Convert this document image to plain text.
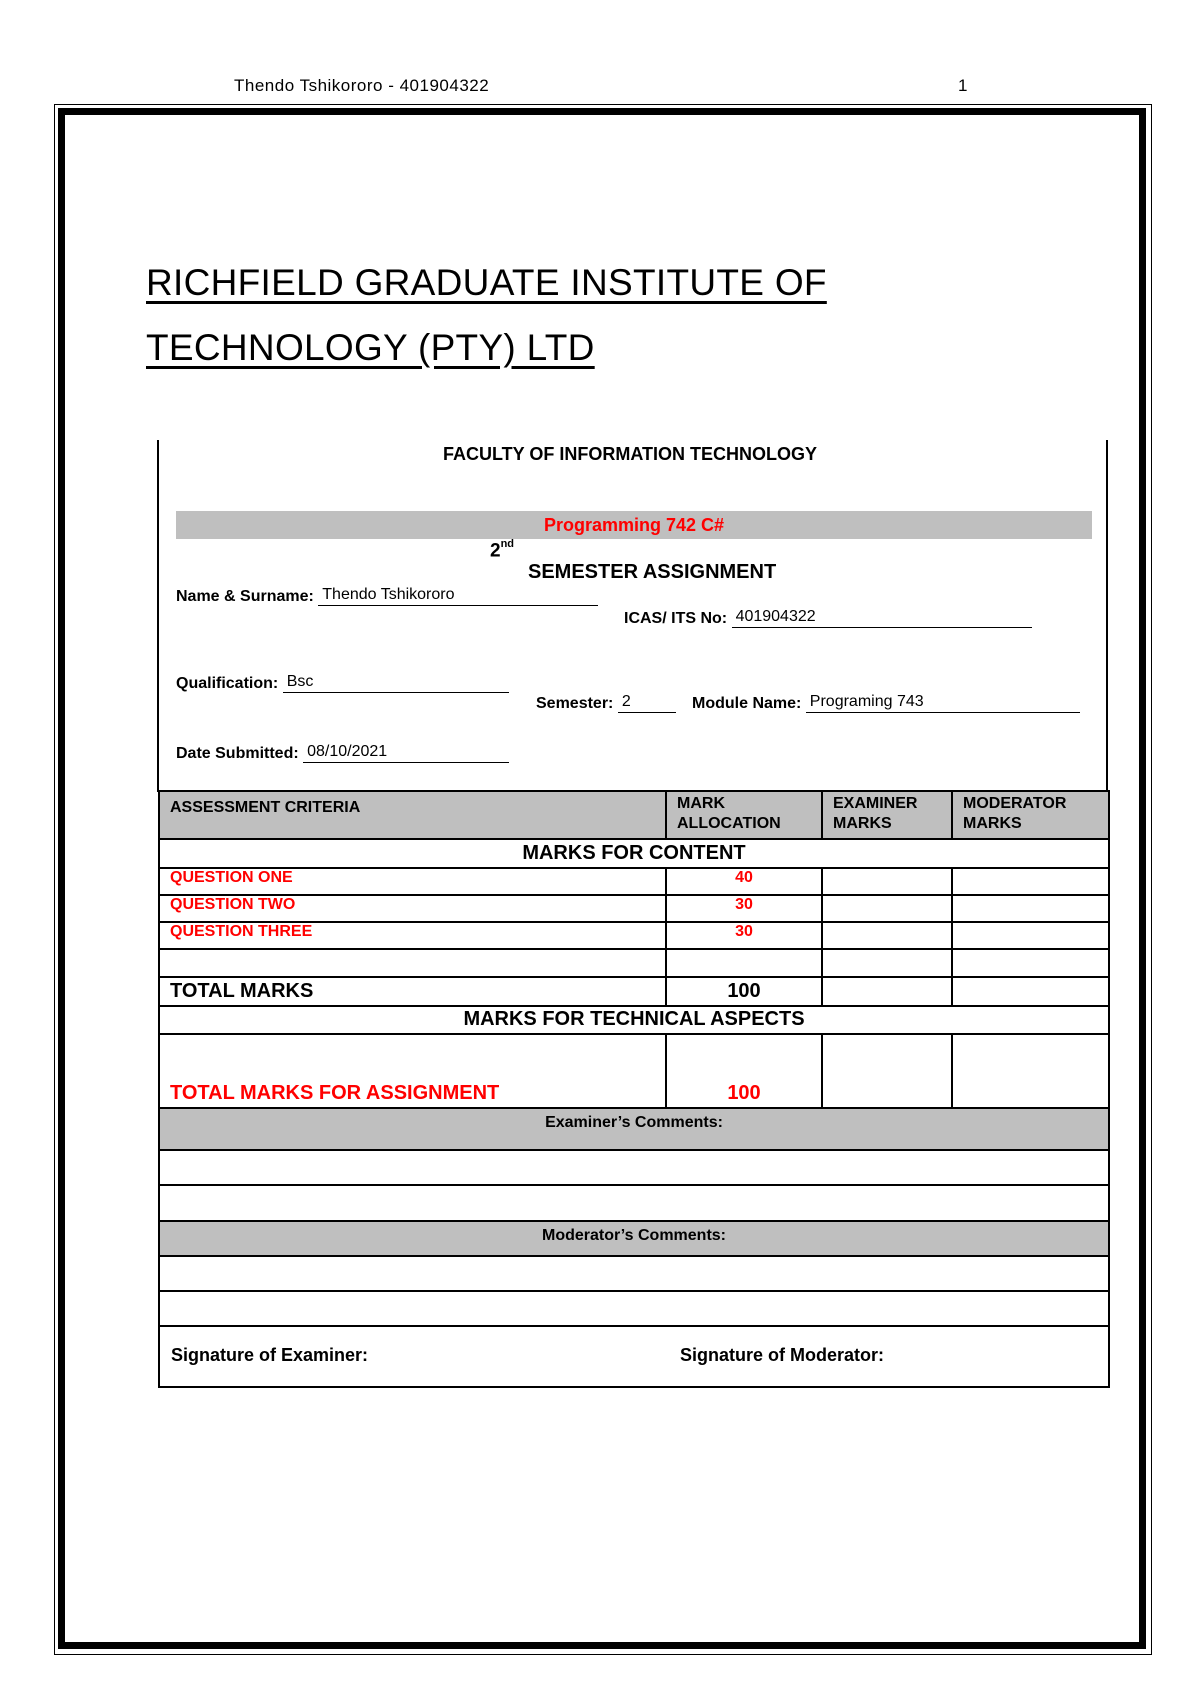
Thendo Tshikororo - 401904322	1
RICHFIELD GRADUATE INSTITUTE OF
TECHNOLOGY (PTY) LTD
FACULTY OF INFORMATION TECHNOLOGY
Programming 742 C#
2nd
SEMESTER ASSIGNMENT
Name & Surname: Thendo Tshikororo
ICAS/ ITS No: 401904322
Qualification: Bsc
Semester: 2	Module Name: Programing 743
Date Submitted: 08/10/2021
ASSESSMENT CRITERIA	MARK ALLOCATION	EXAMINER MARKS	MODERATOR MARKS
MARKS FOR CONTENT			
QUESTION ONE	40		
QUESTION TWO	30		
QUESTION THREE	30		

TOTAL MARKS	100		
MARKS FOR TECHNICAL ASPECTS			
TOTAL MARKS FOR ASSIGNMENT	100		
Examiner’s Comments:			

Moderator’s Comments:			

Signature of Examiner: Signature of Moderator:			
